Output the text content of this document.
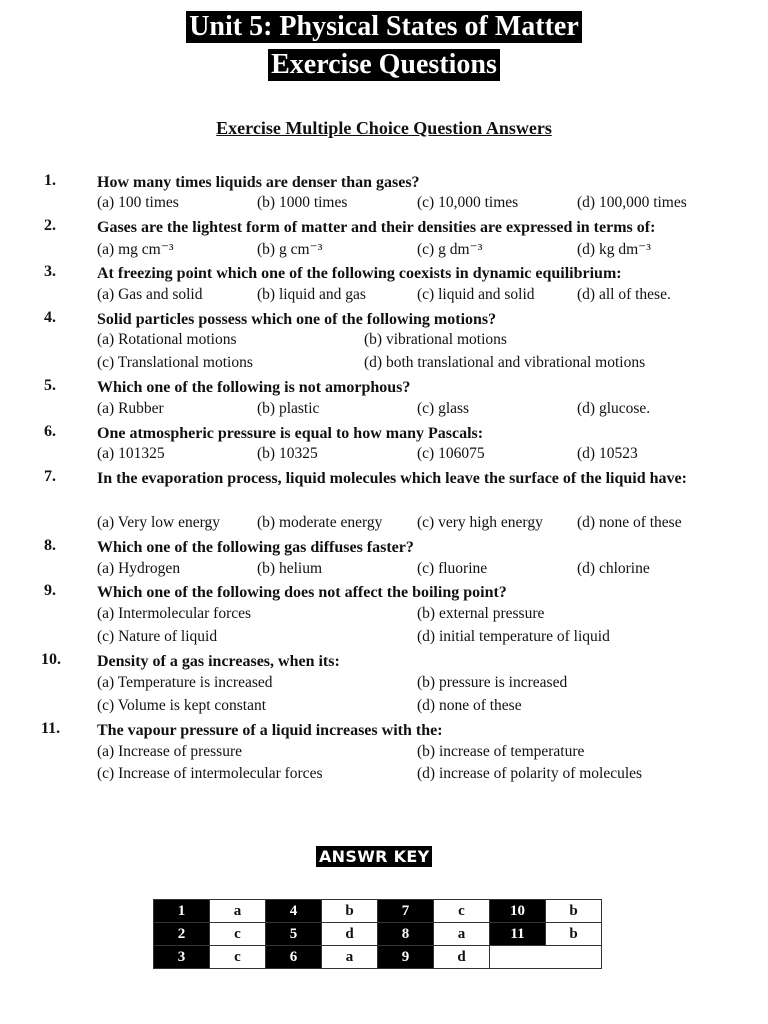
Unit 5: Physical States of Matter
Exercise Questions
Exercise Multiple Choice Question Answers
1.	How many times liquids are denser than gases?
(a) 100 times	(b) 1000 times	(c) 10,000 times	(d) 100,000 times
2.	Gases are the lightest form of matter and their densities are expressed in terms of:
(a) mg cm⁻³	(b) g cm⁻³	(c) g dm⁻³	(d) kg dm⁻³
3.	At freezing point which one of the following coexists in dynamic equilibrium:
(a) Gas and solid	(b) liquid and gas	(c) liquid and solid	(d) all of these.
4.	Solid particles possess which one of the following motions?
(a) Rotational motions	(b) vibrational motions
(c) Translational motions	(d) both translational and vibrational motions
5.	Which one of the following is not amorphous?
(a) Rubber	(b) plastic	(c) glass	(d) glucose.
6.	One atmospheric pressure is equal to how many Pascals:
(a) 101325	(b) 10325	(c) 106075	(d) 10523
7.	In the evaporation process, liquid molecules which leave the surface of the liquid have:
(a) Very low energy (b) moderate energy (c) very high energy (d) none of these
8.	Which one of the following gas diffuses faster?
(a) Hydrogen	(b) helium	(c) fluorine	(d) chlorine
9.	Which one of the following does not affect the boiling point?
(a) Intermolecular forces	(b) external pressure
(c) Nature of liquid	(d) initial temperature of liquid
10. Density of a gas increases, when its:
(a) Temperature is increased	(b) pressure is increased
(c) Volume is kept constant	(d) none of these
11. The vapour pressure of a liquid increases with the:
(a) Increase of pressure	(b) increase of temperature
(c) Increase of intermolecular forces	(d) increase of polarity of molecules
ANSWR KEY
1	a	4	b	7	c	10	b
2	c	5	d	8	a	11	b
3	c	6	a	9	d		
